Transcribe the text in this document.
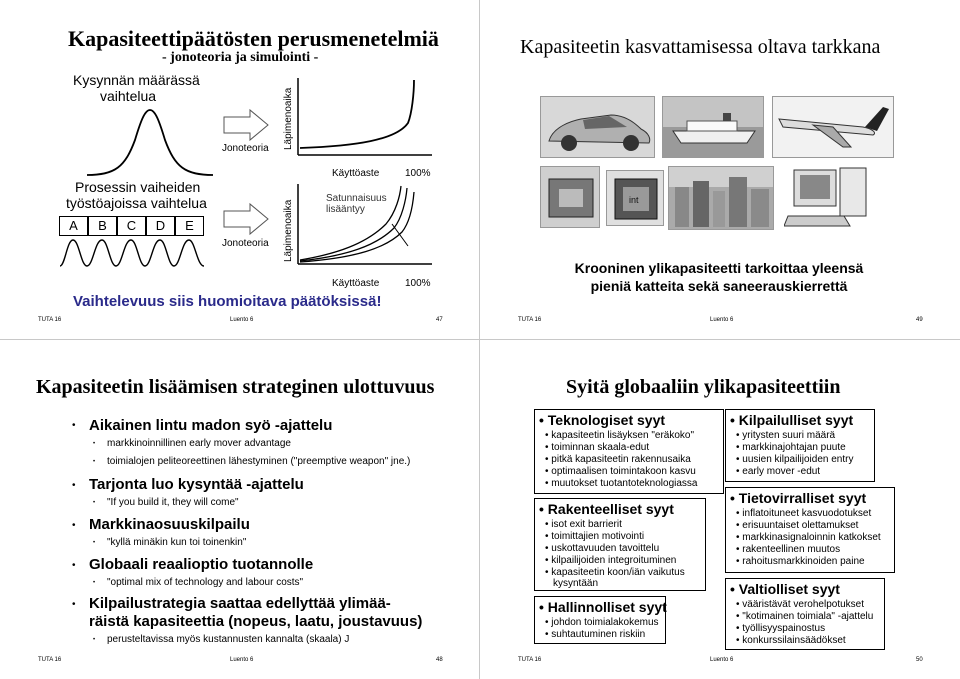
Kapasiteettipäätösten perusmenetelmiä
- jonoteoria ja simulointi -
Kysynnän määrässä
vaihtelua
Jonoteoria Läpimenoaika
Käyttöaste	100%
Prosessin vaiheiden
työstöajoissa vaihtelua
A	B	C	D	E
Jonoteoria Läpimenoaika
Satunnaisuus
lisääntyy
Käyttöaste	100%
Vaihtelevuus siis huomioitava päätöksissä!
TUTA 16	Luento 6	47
Kapasiteetin kasvattamisessa oltava tarkkana
int
Krooninen ylikapasiteetti tarkoittaa yleensä
pieniä katteita sekä saneerauskierrettä
TUTA 16	Luento 6	49
Kapasiteetin lisäämisen strateginen ulottuvuus
• Aikainen lintu madon syö -ajattelu
• markkinoinnillinen early mover advantage
• toimialojen peliteoreettinen lähestyminen ("preemptive weapon" jne.)
• Tarjonta luo kysyntää -ajattelu
• "If you build it, they will come"
• Markkinaosuuskilpailu
• "kyllä minäkin kun toi toinenkin"
• Globaali reaalioptio tuotannolle
• "optimal mix of technology and labour costs"
• Kilpailustrategia saattaa edellyttää ylimää-
räistä kapasiteettia (nopeus, laatu, joustavuus)
• perusteltavissa myös kustannusten kannalta (skaala) J
TUTA 16	Luento 6	48
Syitä globaaliin ylikapasiteettiin
• Teknologiset syyt
• kapasiteetin lisäyksen "eräkoko"
• toiminnan skaala-edut
• pitkä kapasiteetin rakennusaika
• optimaalisen toimintakoon kasvu
• muutokset tuotantoteknologiassa
• Rakenteelliset syyt
• isot exit barrierit
• toimittajien motivointi
• uskottavuuden tavoittelu
• kilpailijoiden integroituminen
• kapasiteetin koon/iän vaikutus
kysyntään
• Hallinnolliset syyt
• johdon toimialakokemus
• suhtautuminen riskiin
• Kilpailulliset syyt
• yritysten suuri määrä
• markkinajohtajan puute
• uusien kilpailijoiden entry
• early mover -edut
• Tietovirralliset syyt
• inflatoituneet kasvuodotukset
• erisuuntaiset olettamukset
• markkinasignaloinnin katkokset
• rakenteellinen muutos
• rahoitusmarkkinoiden paine
• Valtiolliset syyt
• vääristävät verohelpotukset
• "kotimainen toimiala" -ajattelu
• työllisyyspainostus
• konkurssilainsäädökset
TUTA 16	Luento 6	50
